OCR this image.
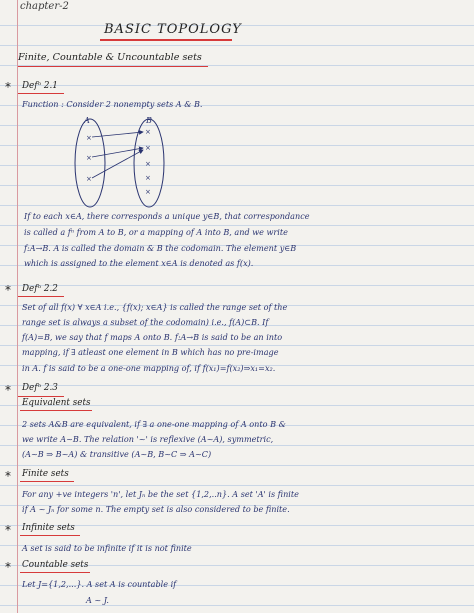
chapter-2
BASIC TOPOLOGY
Finite, Countable & Uncountable sets
* Defⁿ 2.1
Function : Consider 2 nonempty sets A & B.
×
×
×
×
×
×
×
×
A	B
If to each x∈A, there corresponds a unique y∈B, that correspondance
is called a fⁿ from A to B, or a mapping of A into B, and we write
f:A→B. A is called the domain & B the codomain. The element y∈B
which is assigned to the element x∈A is denoted as f(x).
* Defⁿ 2.2
Set of all f(x) ∀ x∈A i.e., {f(x); x∈A} is called the range set of the
range set is always a subset of the codomain) i.e., f(A)⊂B. If
f(A)=B, we say that f maps A onto B. f:A→B is said to be an into
mapping, if ∃ atleast one element in B which has no pre-image
in A. f is said to be a one-one mapping of, if f(x₁)=f(x₂)⇒x₁=x₂.
* Defⁿ 2.3
Equivalent sets
2 sets A&B are equivalent, if ∃ a one-one mapping of A onto B &
we write A~B. The relation '~' is reflexive (A~A), symmetric,
(A~B ⇒ B~A) & transitive (A~B, B~C ⇒ A~C)
* Finite sets
For any +ve integers 'n', let Jₙ be the set {1,2,..n}. A set 'A' is finite
if A ~ Jₙ for some n. The empty set is also considered to be finite.
* Infinite sets
A set is said to be infinite if it is not finite
* Countable sets
Let J={1,2,...}. A set A is countable if
A ~ J.
